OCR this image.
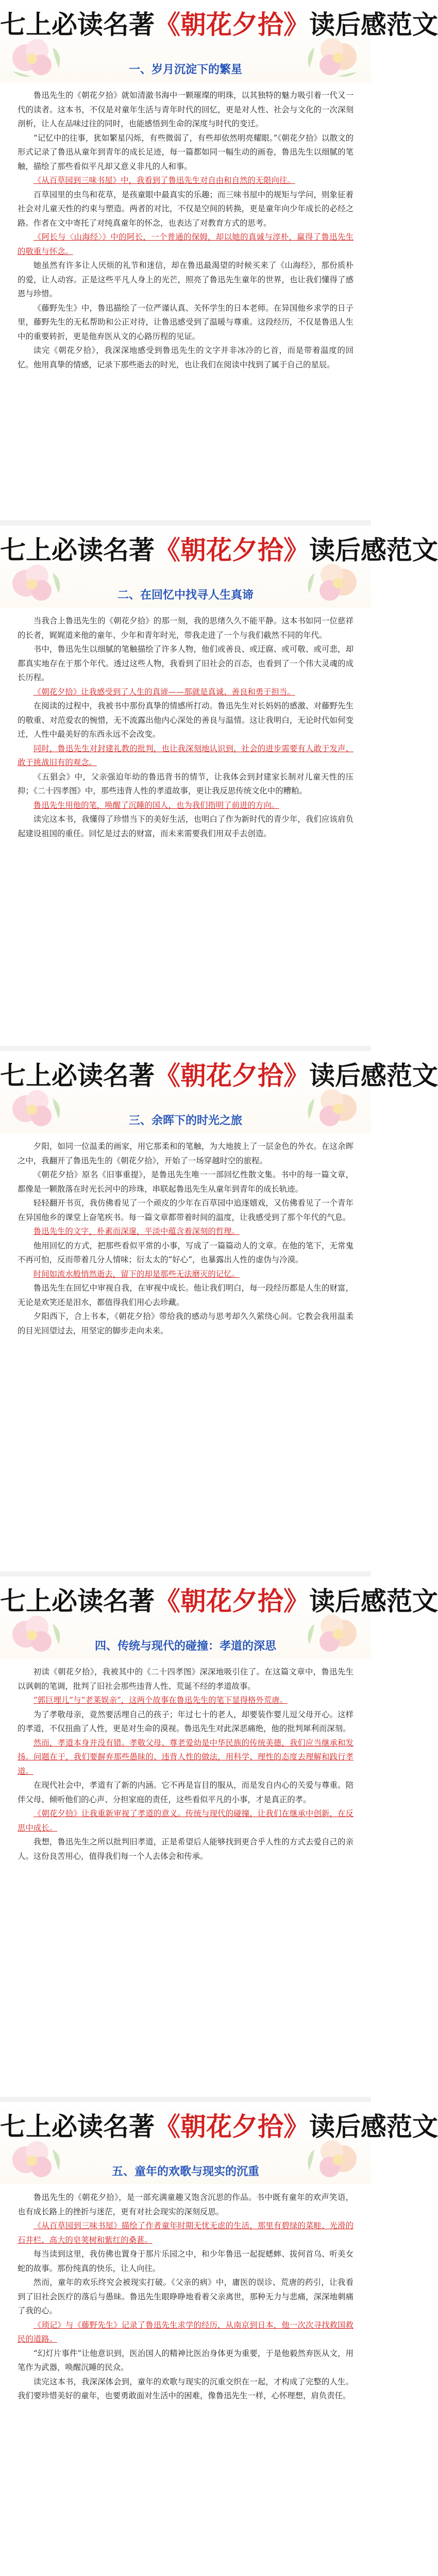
七上必读名著《朝花夕拾》读后感范文
一、岁月沉淀下的繁星

鲁迅先生的《朝花夕拾》就如清澈书海中一颗璀璨的明珠，以其独特的魅力吸引着一代又一代的读者。这本书，不仅是对童年生活与青年时代的回忆，更是对人性、社会与文化的一次深刻剖析，让人在品味过往的同时，也能感悟到生命的深度与时代的变迁。

“记忆中的往事，犹如繁星闪烁，有些微弱了，有些却依然明亮耀眼。”《朝花夕拾》以散文的形式记录了鲁迅从童年到青年的成长足迹，每一篇都如同一幅生动的画卷，鲁迅先生以细腻的笔触，描绘了那些看似平凡却又意义非凡的人和事。

《从百草园到三味书屋》中，我看到了鲁迅先生对自由和自然的无限向往。

百草园里的虫鸟和花草，是孩童眼中最真实的乐趣；而三味书屋中的规矩与学问，则象征着社会对儿童天性的约束与塑造。两者的对比，不仅是空间的转换，更是童年向少年成长的必经之路。作者在文中寄托了对纯真童年的怀念，也表达了对教育方式的思考。

《阿长与〈山海经〉》中的阿长，一个普通的保姆，却以她的真诚与淳朴，赢得了鲁迅先生的敬重与怀念。

她虽然有许多让人厌烦的礼节和迷信，却在鲁迅最渴望的时候买来了《山海经》，那份质朴的爱，让人动容。正是这些平凡人身上的光芒，照亮了鲁迅先生童年的世界，也让我们懂得了感恩与珍惜。

《藤野先生》中，鲁迅描绘了一位严谨认真、关怀学生的日本老师。在异国他乡求学的日子里，藤野先生的无私帮助和公正对待，让鲁迅感受到了温暖与尊重。这段经历，不仅是鲁迅人生中的重要转折，更是他弃医从文的心路历程的见证。

读完《朝花夕拾》，我深深地感受到鲁迅先生的文字并非冰冷的匕首，而是带着温度的回忆。他用真挚的情感，记录下那些逝去的时光，也让我们在阅读中找到了属于自己的星辰。

七上必读名著《朝花夕拾》读后感范文
二、在回忆中找寻人生真谛

当我合上鲁迅先生的《朝花夕拾》的那一刻，我的思绪久久不能平静。这本书如同一位慈祥的长者，娓娓道来他的童年、少年和青年时光，带我走进了一个与我们截然不同的年代。

书中，鲁迅先生以细腻的笔触描绘了许多人物，他们或善良、或迂腐、或可敬、或可悲，却都真实地存在于那个年代。透过这些人物，我看到了旧社会的百态，也看到了一个伟大灵魂的成长历程。

《朝花夕拾》让我感受到了人生的真谛——那就是真诚、善良和勇于担当。

在阅读的过程中，我被书中那份真挚的情感所打动。鲁迅先生对长妈妈的感激、对藤野先生的敬重、对范爱农的惋惜，无不流露出他内心深处的善良与温情。这让我明白，无论时代如何变迁，人性中最美好的东西永远不会改变。

同时，鲁迅先生对封建礼教的批判，也让我深刻地认识到，社会的进步需要有人敢于发声、敢于挑战旧有的观念。

《五猖会》中，父亲强迫年幼的鲁迅背书的情节，让我体会到封建家长制对儿童天性的压抑；《二十四孝图》中，那些违背人性的孝道故事，更让我反思传统文化中的糟粕。

鲁迅先生用他的笔，唤醒了沉睡的国人，也为我们指明了前进的方向。

读完这本书，我懂得了珍惜当下的美好生活，也明白了作为新时代的青少年，我们应该肩负起建设祖国的重任。回忆是过去的财富，而未来需要我们用双手去创造。

七上必读名著《朝花夕拾》读后感范文
三、余晖下的时光之旅

夕阳，如同一位温柔的画家，用它那柔和的笔触，为大地披上了一层金色的外衣。在这余晖之中，我翻开了鲁迅先生的《朝花夕拾》，开始了一场穿越时空的旅程。

《朝花夕拾》原名《旧事重提》，是鲁迅先生唯一一部回忆性散文集。书中的每一篇文章，都像是一颗散落在时光长河中的珍珠，串联起鲁迅先生从童年到青年的成长轨迹。

轻轻翻开书页，我仿佛看见了一个顽皮的少年在百草园中追逐嬉戏，又仿佛看见了一个青年在异国他乡的课堂上奋笔疾书。每一篇文章都带着时间的温度，让我感受到了那个年代的气息。

鲁迅先生的文字，朴素而深邃，平淡中蕴含着深刻的哲理。

他用回忆的方式，把那些看似平常的小事，写成了一篇篇动人的文章。在他的笔下，无常鬼不再可怕，反而带着几分人情味；衍太太的“好心”，也暴露出人性的虚伪与冷漠。

时间如流水般悄然逝去，留下的却是那些无法磨灭的记忆。

鲁迅先生在回忆中审视自我，在审视中成长。他让我们明白，每一段经历都是人生的财富，无论是欢笑还是泪水，都值得我们用心去珍藏。

夕阳西下，合上书本，《朝花夕拾》带给我的感动与思考却久久萦绕心间。它教会我用温柔的目光回望过去，用坚定的脚步走向未来。

七上必读名著《朝花夕拾》读后感范文
四、传统与现代的碰撞：孝道的深思

初读《朝花夕拾》，我被其中的《二十四孝图》深深地吸引住了。在这篇文章中，鲁迅先生以讽刺的笔调，批判了旧社会那些违背人性、荒诞不经的孝道故事。

“郭巨埋儿”与“老莱娱亲”，这两个故事在鲁迅先生的笔下显得格外荒唐。

为了孝敬母亲，竟然要活埋自己的孩子；年过七十的老人，却要装作婴儿逗父母开心。这样的孝道，不仅扭曲了人性，更是对生命的漠视。鲁迅先生对此深恶痛绝，他的批判犀利而深刻。

然而，孝道本身并没有错。孝敬父母、尊老爱幼是中华民族的传统美德，我们应当继承和发扬。问题在于，我们要摒弃那些愚昧的、违背人性的做法，用科学、理性的态度去理解和践行孝道。

在现代社会中，孝道有了新的内涵。它不再是盲目的服从，而是发自内心的关爱与尊重。陪伴父母、倾听他们的心声、分担家庭的责任，这些看似平凡的小事，才是真正的孝。

《朝花夕拾》让我重新审视了孝道的意义。传统与现代的碰撞，让我们在继承中创新，在反思中成长。

我想，鲁迅先生之所以批判旧孝道，正是希望后人能够找到更合乎人性的方式去爱自己的亲人。这份良苦用心，值得我们每一个人去体会和传承。

七上必读名著《朝花夕拾》读后感范文
五、童年的欢歌与现实的沉重

鲁迅先生的《朝花夕拾》，是一部充满童趣又饱含沉思的作品。书中既有童年的欢声笑语，也有成长路上的挫折与迷茫，更有对社会现实的深刻反思。

《从百草园到三味书屋》描绘了作者童年时期无忧无虑的生活，那里有碧绿的菜畦、光滑的石井栏、高大的皂荚树和紫红的桑葚。

每当读到这里，我仿佛也置身于那片乐园之中，和少年鲁迅一起捉蟋蟀、拔何首乌、听美女蛇的故事。那份纯真的快乐，让人向往。

然而，童年的欢乐终究会被现实打破。《父亲的病》中，庸医的误诊、荒唐的药引，让我看到了旧社会医疗的落后与愚昧。鲁迅先生眼睁睁地看着父亲离世，那种无力与悲痛，深深地刺痛了我的心。

《琐记》与《藤野先生》记录了鲁迅先生求学的经历，从南京到日本，他一次次寻找救国救民的道路。

“幻灯片事件”让他意识到，医治国人的精神比医治身体更为重要，于是他毅然弃医从文，用笔作为武器，唤醒沉睡的民众。

读完这本书，我深深体会到，童年的欢歌与现实的沉重交织在一起，才构成了完整的人生。我们要珍惜美好的童年，也要勇敢面对生活中的困难，像鲁迅先生一样，心怀理想，肩负责任。
